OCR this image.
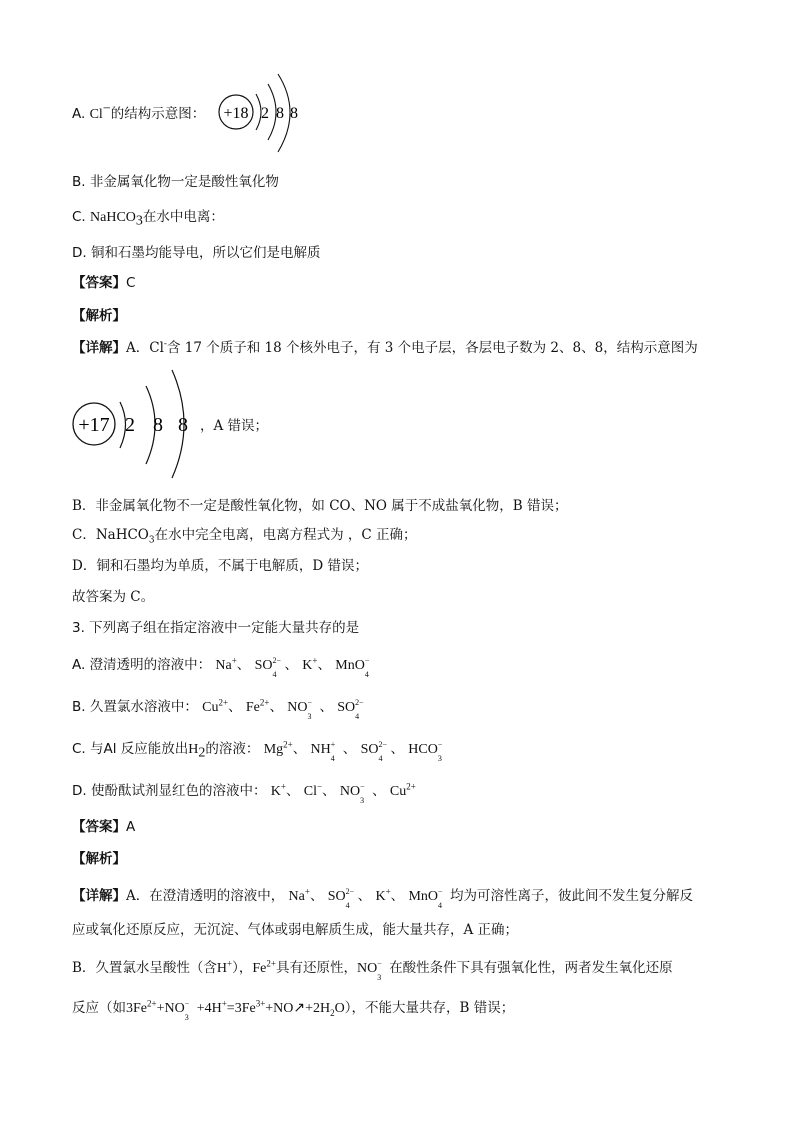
A. Cl−的结构示意图： +18 2 8 8
B. 非金属氧化物一定是酸性氧化物
C. NaHCO$_3$在水中电离：
D. 铜和石墨均能导电，所以它们是电解质
【答案】C
【解析】
【详解】A．Cl-含 17 个质子和 18 个核外电子，有 3 个电子层，各层电子数为 2、8、8，结构示意图为
+17 2 8 8 ，A 错误；
B．非金属氧化物不一定是酸性氧化物，如 CO、NO 属于不成盐氧化物，B 错误；
C．NaHCO$_3$在水中完全电离，电离方程式为 ，C 正确；
D．铜和石墨均为单质，不属于电解质，D 错误；
故答案为 C。
3. 下列离子组在指定溶液中一定能大量共存的是
A. 澄清透明的溶液中： Na+、 SO 2−
4
、 K+、 MnO −
4
B. 久置氯水溶液中： $Cu^{2+}$、 $Fe^{2+}$、 NO −
3
、 SO 2−
4
C. 与Al 反应能放出$H_2$的溶液： $Mg^{2+}$、 NH +
4
、 SO 2−
4
、 HCO −
3
D. 使酚酞试剂显红色的溶液中： K+、 Cl−、 NO −
3
、 $Cu^{2+}$
【答案】A
【解析】
【详解】A．在澄清透明的溶液中， Na+、 SO 2−
4
、 K+、 MnO −
4
均为可溶性离子，彼此间不发生复分解反
应或氧化还原反应，无沉淀、气体或弱电解质生成，能大量共存，A 正确；
B．久置氯水呈酸性（含H+），$Fe^{2+}$具有还原性，NO −
3
在酸性条件下具有强氧化性，两者发生氧化还原
反应（如$3Fe^{2+}+NO$ −
3
$+4H^+=3Fe^{3+}+NO↗+2H_2O$），不能大量共存，B 错误；
